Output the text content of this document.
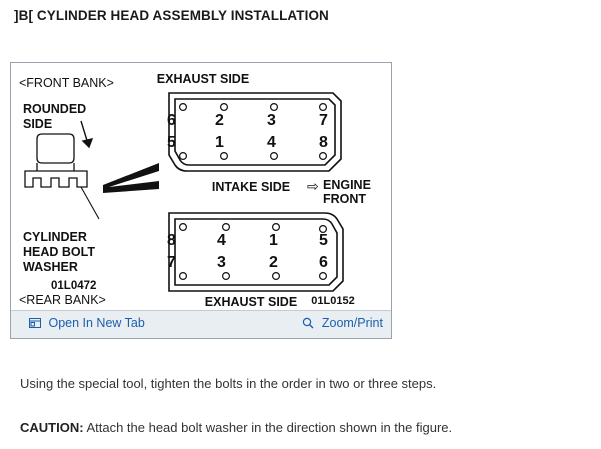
]B[ CYLINDER HEAD ASSEMBLY INSTALLATION
<FRONT BANK>	EXHAUST SIDE
ROUNDED
SIDE
CYLINDER
HEAD BOLT
WASHER
01L0472
<REAR BANK>
6 2	3	7
5 1	4	8
INTAKE SIDE ⇨ ENGINE
FRONT
8	4	1	5
7	3	2	6
EXHAUST SIDE 01L0152
Open In New Tab	Zoom/Print
Using the special tool, tighten the bolts in the order in two or three steps.
CAUTION: Attach the head bolt washer in the direction shown in the figure.
